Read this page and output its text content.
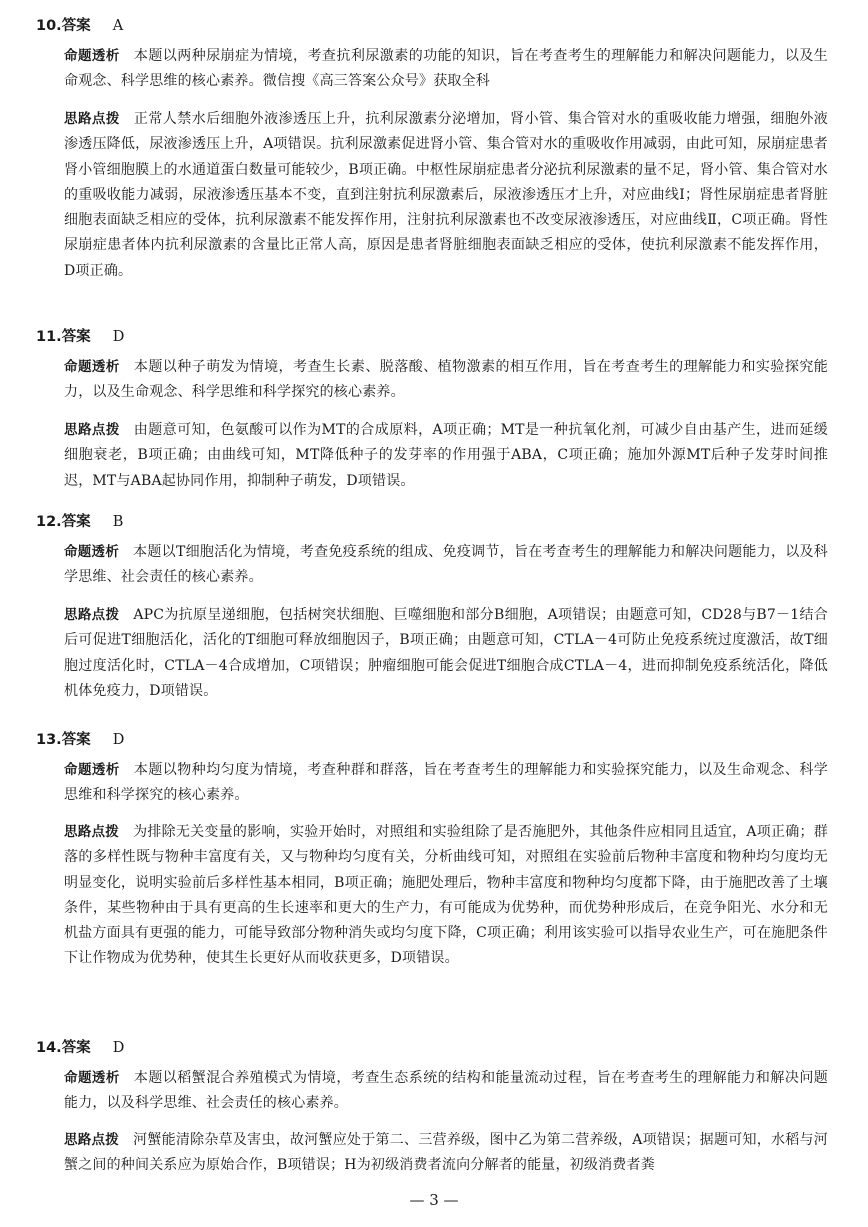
10.答案 A
命题透析 本题以两种尿崩症为情境，考查抗利尿激素的功能的知识，旨在考查考生的理解能力和解决问题能力，以及生命观念、科学思维的核心素养。微信搜《高三答案公众号》获取全科
思路点拨 正常人禁水后细胞外液渗透压上升，抗利尿激素分泌增加，肾小管、集合管对水的重吸收能力增强，细胞外液渗透压降低，尿液渗透压上升，A项错误。抗利尿激素促进肾小管、集合管对水的重吸收作用减弱，由此可知，尿崩症患者肾小管细胞膜上的水通道蛋白数量可能较少，B项正确。中枢性尿崩症患者分泌抗利尿激素的量不足，肾小管、集合管对水的重吸收能力减弱，尿液渗透压基本不变，直到注射抗利尿激素后，尿液渗透压才上升，对应曲线Ⅰ；肾性尿崩症患者肾脏细胞表面缺乏相应的受体，抗利尿激素不能发挥作用，注射抗利尿激素也不改变尿液渗透压，对应曲线Ⅱ，C项正确。肾性尿崩症患者体内抗利尿激素的含量比正常人高，原因是患者肾脏细胞表面缺乏相应的受体，使抗利尿激素不能发挥作用，D项正确。
11.答案 D
命题透析 本题以种子萌发为情境，考查生长素、脱落酸、植物激素的相互作用，旨在考查考生的理解能力和实验探究能力，以及生命观念、科学思维和科学探究的核心素养。
思路点拨 由题意可知，色氨酸可以作为MT的合成原料，A项正确；MT是一种抗氧化剂，可减少自由基产生，进而延缓细胞衰老，B项正确；由曲线可知，MT降低种子的发芽率的作用强于ABA，C项正确；施加外源MT后种子发芽时间推迟，MT与ABA起协同作用，抑制种子萌发，D项错误。
12.答案 B
命题透析 本题以T细胞活化为情境，考查免疫系统的组成、免疫调节，旨在考查考生的理解能力和解决问题能力，以及科学思维、社会责任的核心素养。
思路点拨 APC为抗原呈递细胞，包括树突状细胞、巨噬细胞和部分B细胞，A项错误；由题意可知，CD28与B7－1结合后可促进T细胞活化，活化的T细胞可释放细胞因子，B项正确；由题意可知，CTLA－4可防止免疫系统过度激活，故T细胞过度活化时，CTLA－4合成增加，C项错误；肿瘤细胞可能会促进T细胞合成CTLA－4，进而抑制免疫系统活化，降低机体免疫力，D项错误。
13.答案 D
命题透析 本题以物种均匀度为情境，考查种群和群落，旨在考查考生的理解能力和实验探究能力，以及生命观念、科学思维和科学探究的核心素养。
思路点拨 为排除无关变量的影响，实验开始时，对照组和实验组除了是否施肥外，其他条件应相同且适宜，A项正确；群落的多样性既与物种丰富度有关，又与物种均匀度有关，分析曲线可知，对照组在实验前后物种丰富度和物种均匀度均无明显变化，说明实验前后多样性基本相同，B项正确；施肥处理后，物种丰富度和物种均匀度都下降，由于施肥改善了土壤条件，某些物种由于具有更高的生长速率和更大的生产力，有可能成为优势种，而优势种形成后，在竞争阳光、水分和无机盐方面具有更强的能力，可能导致部分物种消失或均匀度下降，C项正确；利用该实验可以指导农业生产，可在施肥条件下让作物成为优势种，使其生长更好从而收获更多，D项错误。
14.答案 D
命题透析 本题以稻蟹混合养殖模式为情境，考查生态系统的结构和能量流动过程，旨在考查考生的理解能力和解决问题能力，以及科学思维、社会责任的核心素养。
思路点拨 河蟹能清除杂草及害虫，故河蟹应处于第二、三营养级，图中乙为第二营养级，A项错误；据题可知，水稻与河蟹之间的种间关系应为原始合作，B项错误；H为初级消费者流向分解者的能量，初级消费者粪
— 3 —
